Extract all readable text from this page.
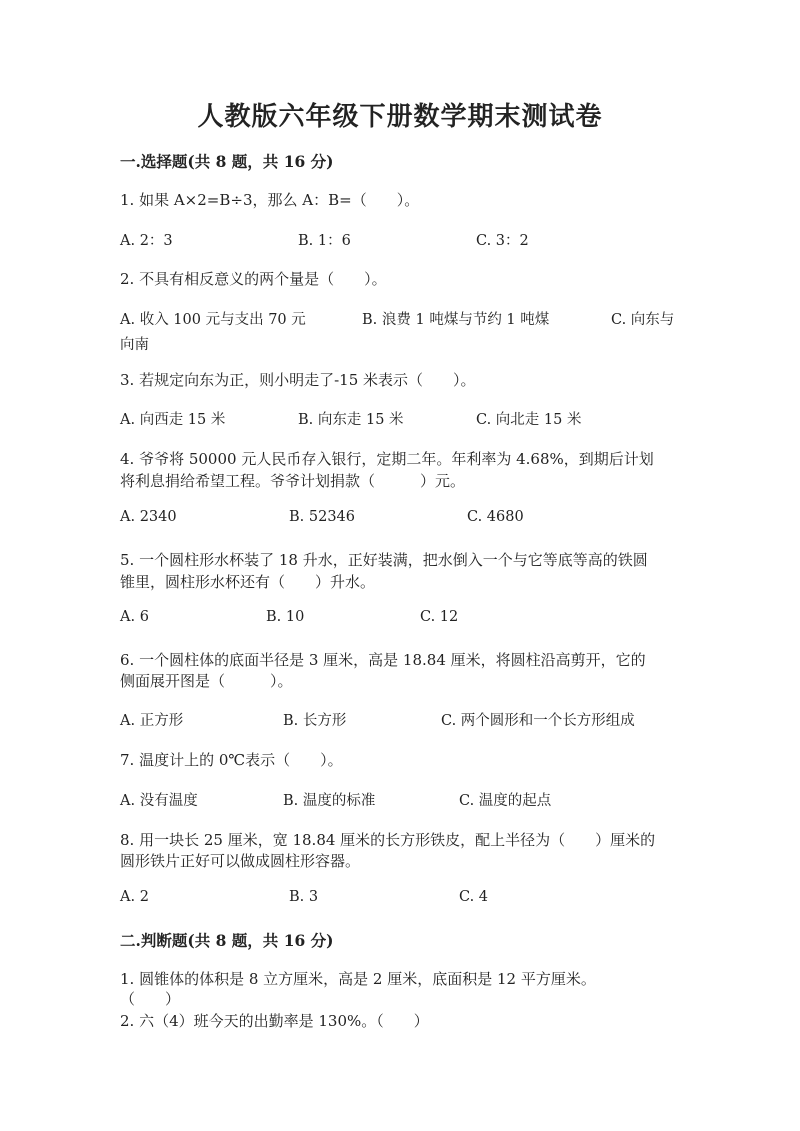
人教版六年级下册数学期末测试卷
一.选择题(共 8 题，共 16 分)
1. 如果 A×2=B÷3，那么 A：B=（　　）。
A. 2：3	B. 1：6	C. 3：2
2. 不具有相反意义的两个量是（　　）。
A. 收入 100 元与支出 70 元	B. 浪费 1 吨煤与节约 1 吨煤	C. 向东与
向南
3. 若规定向东为正，则小明走了-15 米表示（　　）。
A. 向西走 15 米	B. 向东走 15 米	C. 向北走 15 米
4. 爷爷将 50000 元人民币存入银行，定期二年。年利率为 4.68%，到期后计划
将利息捐给希望工程。爷爷计划捐款（　　　）元。
A. 2340	B. 52346	C. 4680
5. 一个圆柱形水杯装了 18 升水，正好装满，把水倒入一个与它等底等高的铁圆
锥里，圆柱形水杯还有（　　）升水。
A. 6	B. 10	C. 12
6. 一个圆柱体的底面半径是 3 厘米，高是 18.84 厘米，将圆柱沿高剪开，它的
侧面展开图是（　　　）。
A. 正方形	B. 长方形	C. 两个圆形和一个长方形组成
7. 温度计上的 0℃表示（　　）。
A. 没有温度	B. 温度的标准	C. 温度的起点
8. 用一块长 25 厘米，宽 18.84 厘米的长方形铁皮，配上半径为（　　）厘米的
圆形铁片正好可以做成圆柱形容器。
A. 2	B. 3	C. 4
二.判断题(共 8 题，共 16 分)
1. 圆锥体的体积是 8 立方厘米，高是 2 厘米，底面积是 12 平方厘米。
（　　）
2. 六（4）班今天的出勤率是 130%。（　　）
